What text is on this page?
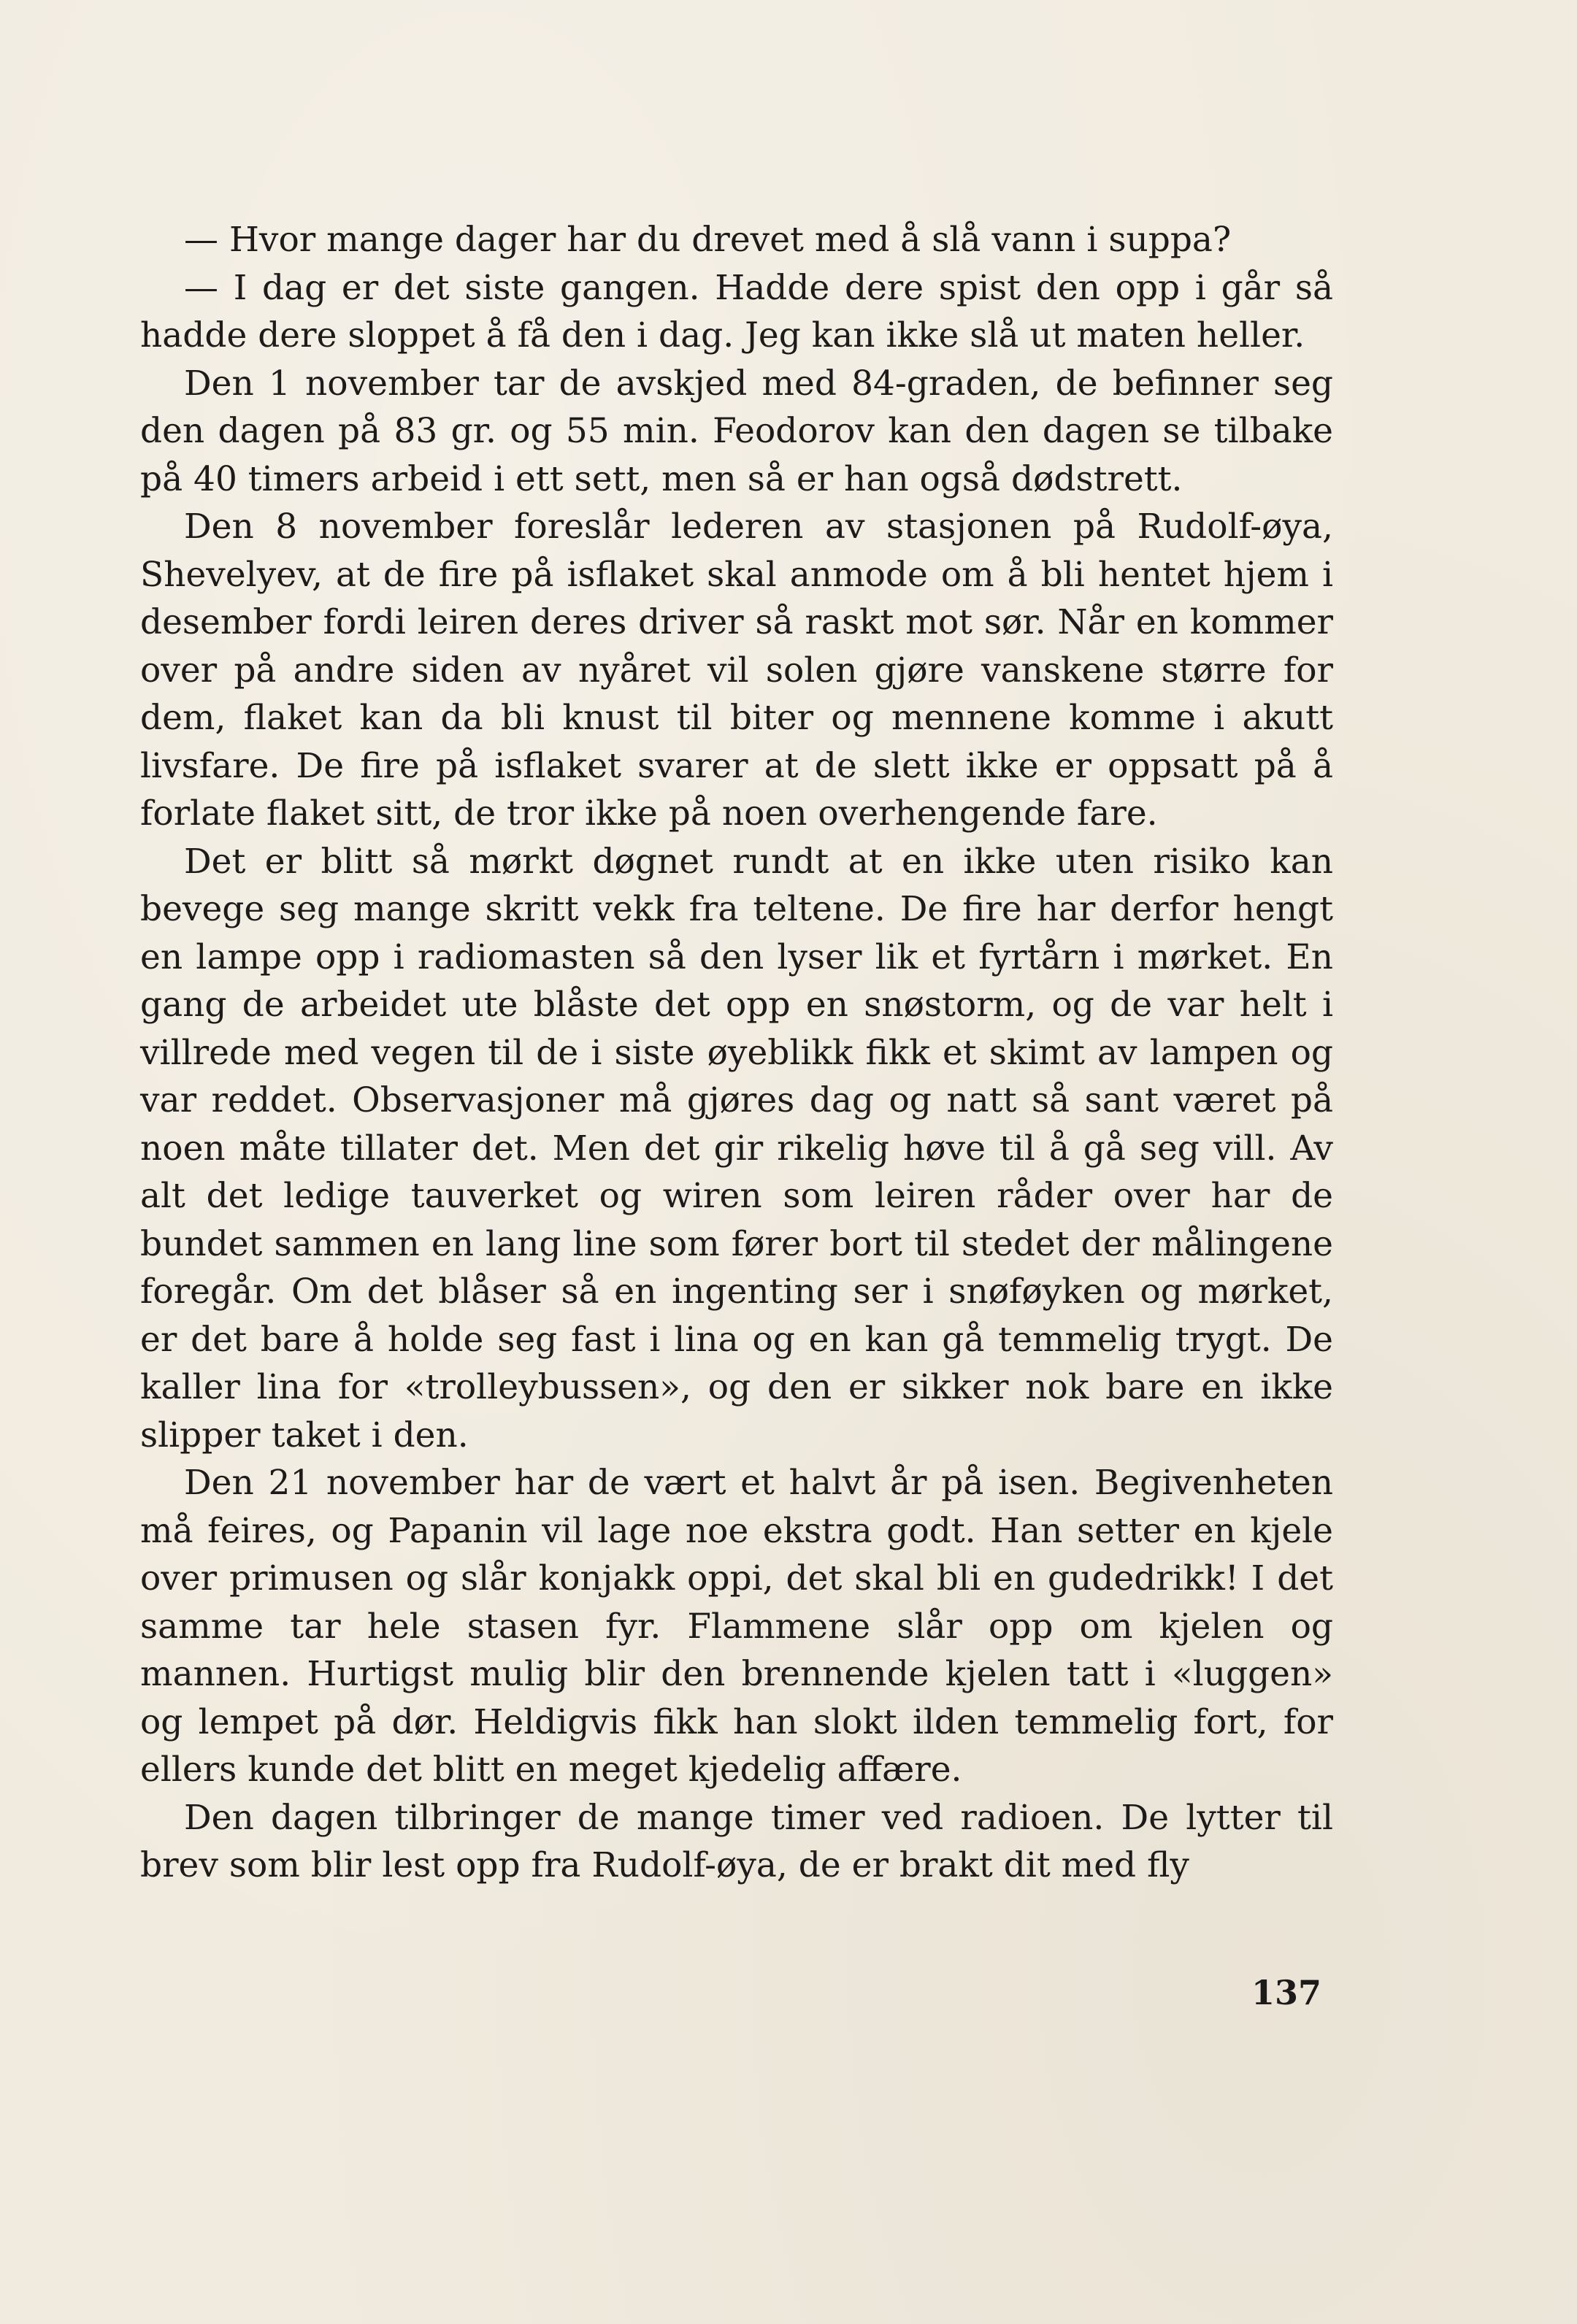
— Hvor mange dager har du drevet med å slå vann i suppa?

— I dag er det siste gangen. Hadde dere spist den opp i går så hadde dere sloppet å få den i dag. Jeg kan ikke slå ut maten heller.

Den 1 november tar de avskjed med 84-graden, de befinner seg den dagen på 83 gr. og 55 min. Feodorov kan den dagen se tilbake på 40 timers arbeid i ett sett, men så er han også dødstrett.

Den 8 november foreslår lederen av stasjonen på Rudolf-øya, Shevelyev, at de fire på isflaket skal anmode om å bli hentet hjem i desember fordi leiren deres driver så raskt mot sør. Når en kommer over på andre siden av nyåret vil solen gjøre vanskene større for dem, flaket kan da bli knust til biter og mennene komme i akutt livsfare. De fire på isflaket svarer at de slett ikke er oppsatt på å forlate flaket sitt, de tror ikke på noen overhengende fare.

Det er blitt så mørkt døgnet rundt at en ikke uten risiko kan bevege seg mange skritt vekk fra teltene. De fire har derfor hengt en lampe opp i radiomasten så den lyser lik et fyrtårn i mørket. En gang de arbeidet ute blåste det opp en snøstorm, og de var helt i villrede med vegen til de i siste øyeblikk fikk et skimt av lampen og var reddet. Observasjoner må gjøres dag og natt så sant været på noen måte tillater det. Men det gir rikelig høve til å gå seg vill. Av alt det ledige tauverket og wiren som leiren råder over har de bundet sammen en lang line som fører bort til stedet der målingene foregår. Om det blåser så en ingenting ser i snøføyken og mørket, er det bare å holde seg fast i lina og en kan gå temmelig trygt. De kaller lina for «trolleybussen», og den er sikker nok bare en ikke slipper taket i den.

Den 21 november har de vært et halvt år på isen. Begivenheten må feires, og Papanin vil lage noe ekstra godt. Han setter en kjele over primusen og slår konjakk oppi, det skal bli en gudedrikk! I det samme tar hele stasen fyr. Flammene slår opp om kjelen og mannen. Hurtigst mulig blir den brennende kjelen tatt i «luggen» og lempet på dør. Heldigvis fikk han slokt ilden temmelig fort, for ellers kunde det blitt en meget kjedelig affære.

Den dagen tilbringer de mange timer ved radioen. De lytter til brev som blir lest opp fra Rudolf-øya, de er brakt dit med fly

137
